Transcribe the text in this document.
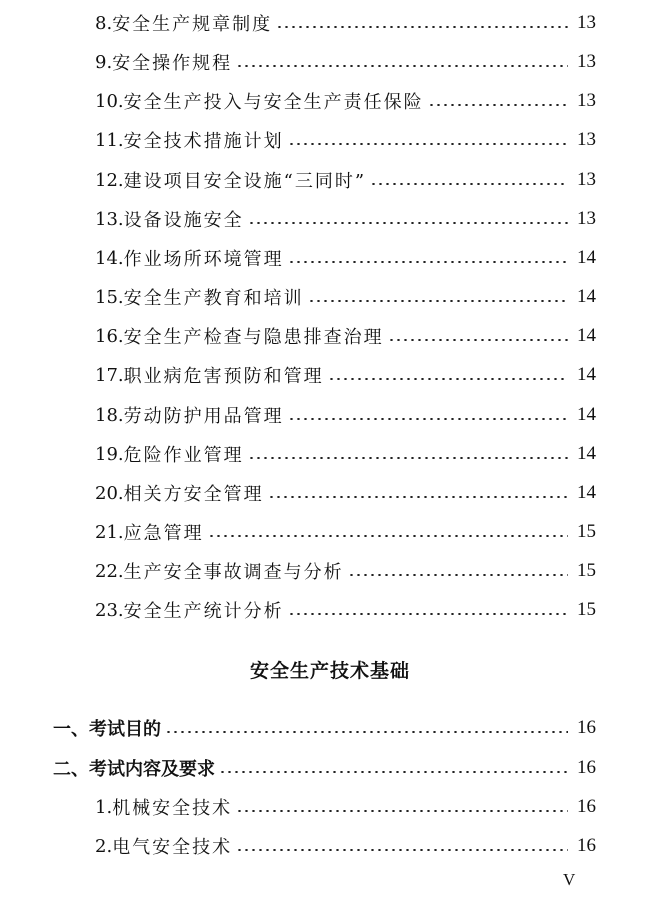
8. 安全生产规章制度	13
9. 安全操作规程	13
10. 安全生产投入与安全生产责任保险	13
11. 安全技术措施计划	13
12. 建设项目安全设施“三同时”	13
13. 设备设施安全	13
14. 作业场所环境管理	14
15. 安全生产教育和培训	14
16. 安全生产检查与隐患排查治理	14
17. 职业病危害预防和管理	14
18. 劳动防护用品管理	14
19. 危险作业管理	14
20. 相关方安全管理	14
21. 应急管理	15
22. 生产安全事故调查与分析	15
23. 安全生产统计分析	15
安全生产技术基础
一、 考试目的	16
二、 考试内容及要求	16
1. 机械安全技术	16
2. 电气安全技术	16
V
